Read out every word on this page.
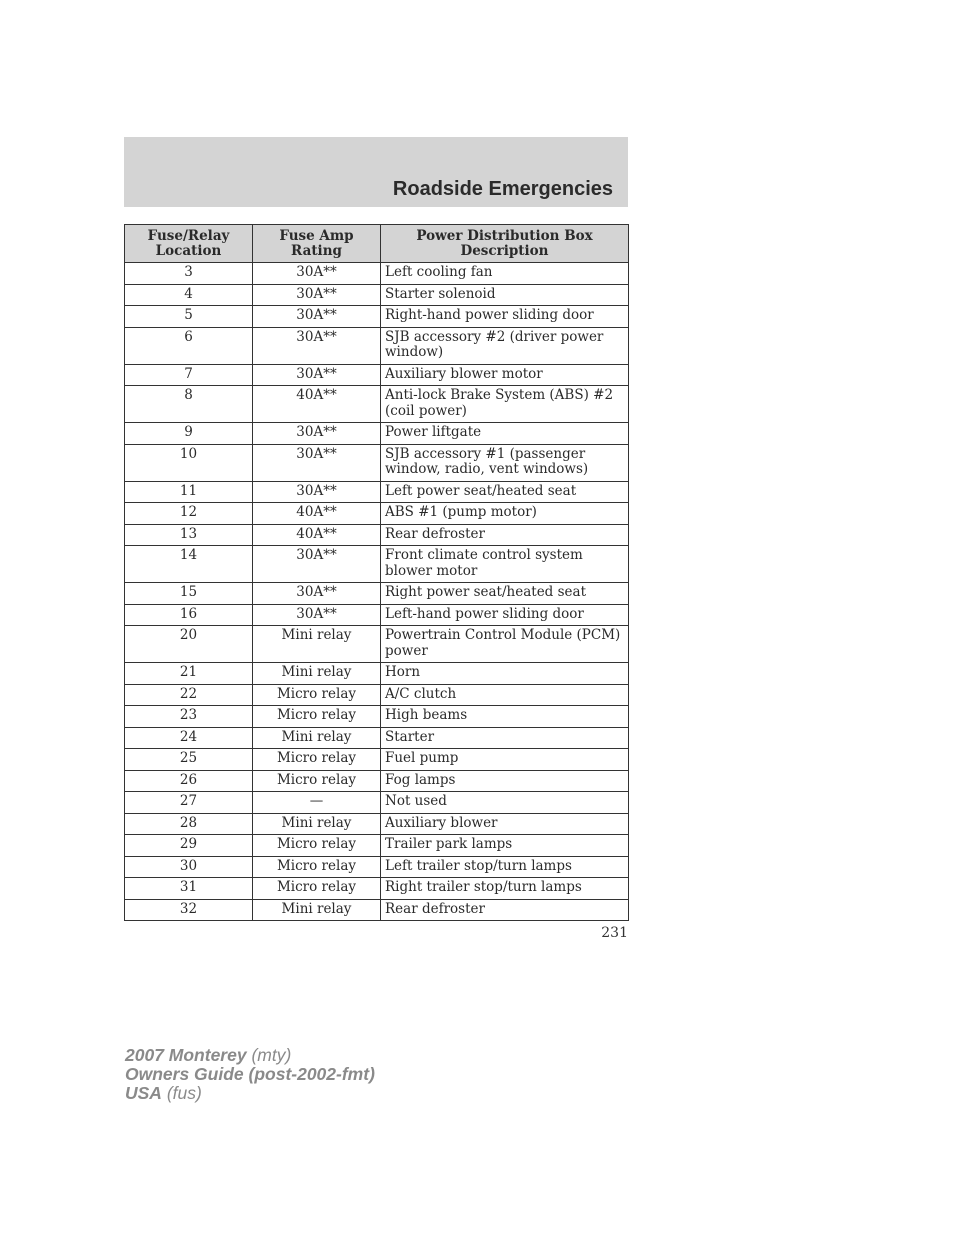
Roadside Emergencies
Fuse/Relay Location	Fuse Amp Rating	Power Distribution Box Description
3	30A**	Left cooling fan
4	30A**	Starter solenoid
5	30A**	Right-hand power sliding door
6	30A**	SJB accessory #2 (driver power window)
7	30A**	Auxiliary blower motor
8	40A**	Anti-lock Brake System (ABS) #2 (coil power)
9	30A**	Power liftgate
10	30A**	SJB accessory #1 (passenger window, radio, vent windows)
11	30A**	Left power seat/heated seat
12	40A**	ABS #1 (pump motor)
13	40A**	Rear defroster
14	30A**	Front climate control system blower motor
15	30A**	Right power seat/heated seat
16	30A**	Left-hand power sliding door
20	Mini relay	Powertrain Control Module (PCM) power
21	Mini relay	Horn
22	Micro relay	A/C clutch
23	Micro relay	High beams
24	Mini relay	Starter
25	Micro relay	Fuel pump
26	Micro relay	Fog lamps
27	—	Not used
28	Mini relay	Auxiliary blower
29	Micro relay	Trailer park lamps
30	Micro relay	Left trailer stop/turn lamps
31	Micro relay	Right trailer stop/turn lamps
32	Mini relay	Rear defroster
231
2007 Monterey (mty)
Owners Guide (post-2002-fmt)
USA (fus)
